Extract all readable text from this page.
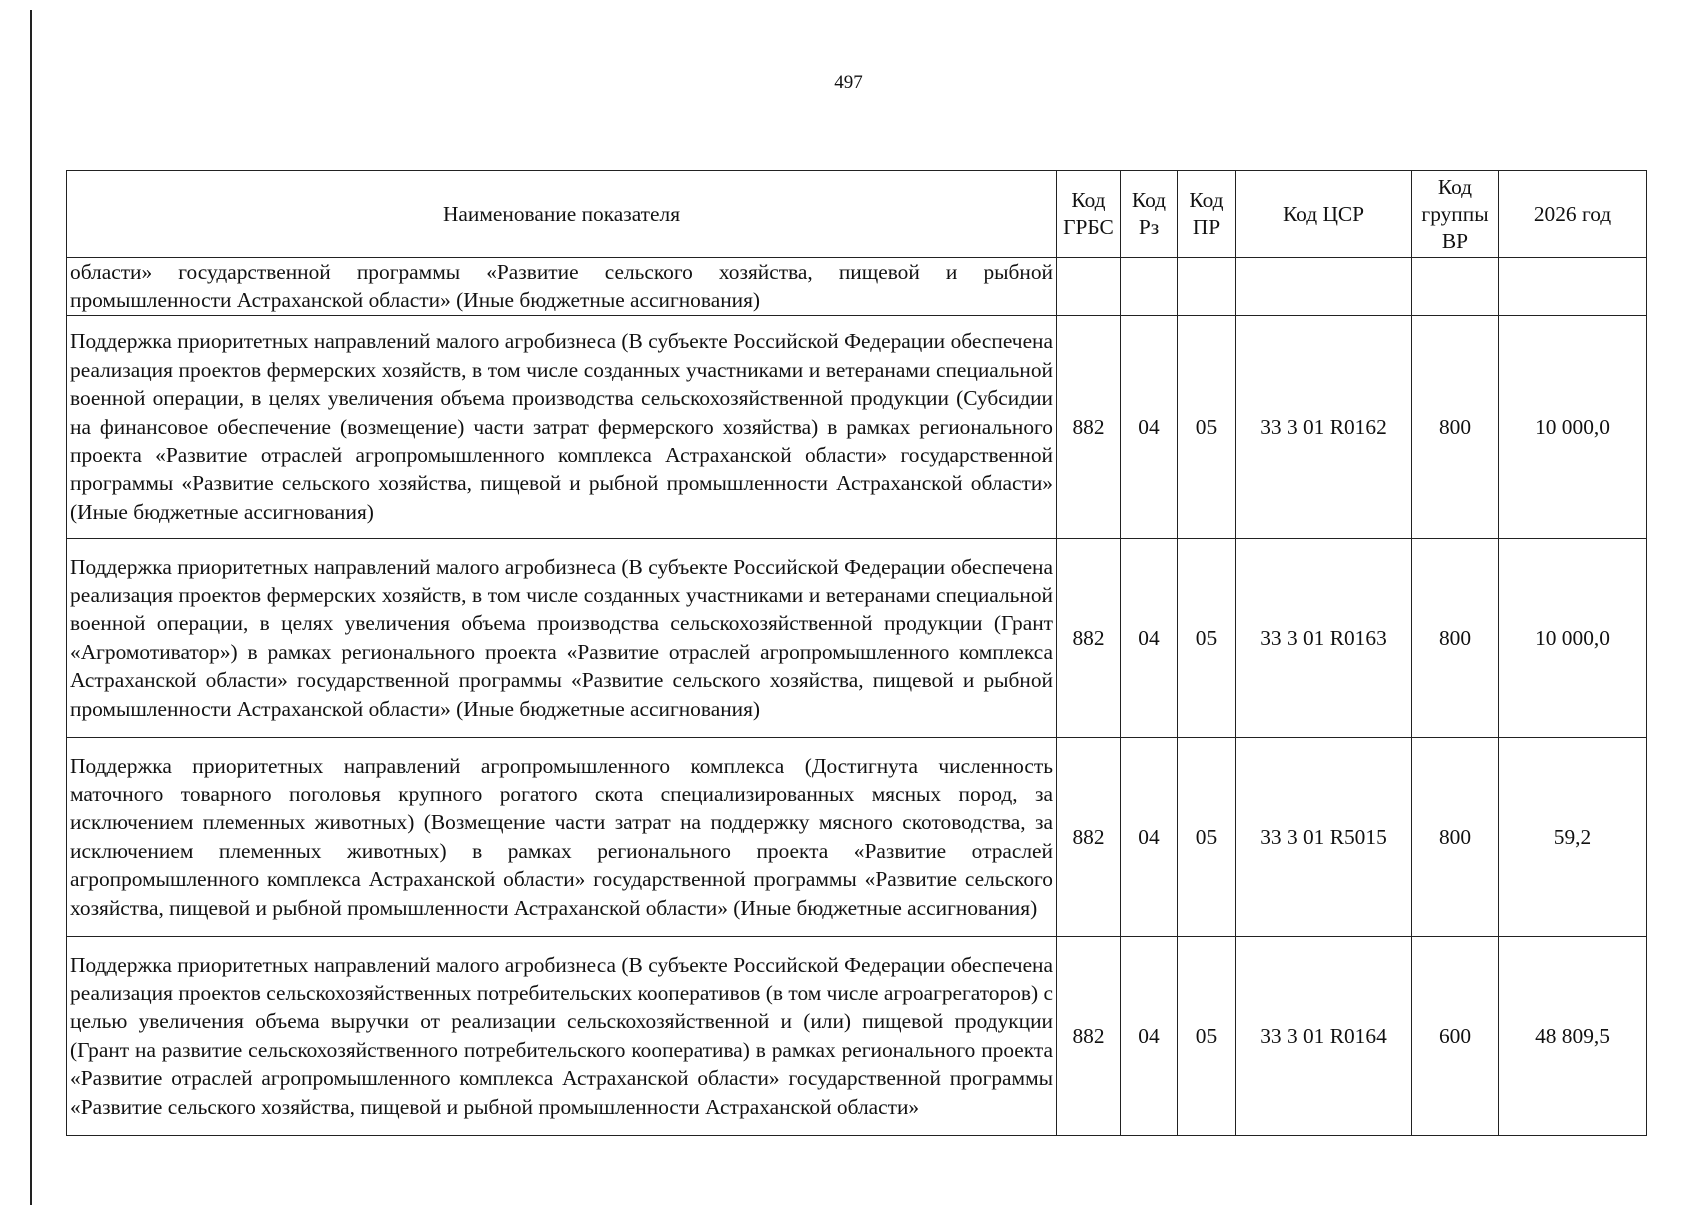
497
Наименование показателя	Код ГРБС	Код Рз	Код ПР	Код ЦСР	Код группы ВР	2026 год
области» государственной программы «Развитие сельского хозяйства, пищевой и рыбной промышленности Астраханской области» (Иные бюджетные ассигнования)						
Поддержка приоритетных направлений малого агробизнеса (В субъекте Российской Федерации обеспечена реализация проектов фермерских хозяйств, в том числе созданных участниками и ветеранами специальной военной операции, в целях увеличения объема производства сельскохозяйственной продукции (Субсидии на финансовое обеспечение (возмещение) части затрат фермерского хозяйства) в рамках регионального проекта «Развитие отраслей агропромышленного комплекса Астраханской области» государственной программы «Развитие сельского хозяйства, пищевой и рыбной промышленности Астраханской области» (Иные бюджетные ассигнования)	882	04	05	33 3 01 R0162	800	10 000,0
Поддержка приоритетных направлений малого агробизнеса (В субъекте Российской Федерации обеспечена реализация проектов фермерских хозяйств, в том числе созданных участниками и ветеранами специальной военной операции, в целях увеличения объема производства сельскохозяйственной продукции (Грант «Агромотиватор») в рамках регионального проекта «Развитие отраслей агропромышленного комплекса Астраханской области» государственной программы «Развитие сельского хозяйства, пищевой и рыбной промышленности Астраханской области» (Иные бюджетные ассигнования)	882	04	05	33 3 01 R0163	800	10 000,0
Поддержка приоритетных направлений агропромышленного комплекса (Достигнута численность маточного товарного поголовья крупного рогатого скота специализированных мясных пород, за исключением племенных животных) (Возмещение части затрат на поддержку мясного скотоводства, за исключением племенных животных) в рамках регионального проекта «Развитие отраслей агропромышленного комплекса Астраханской области» государственной программы «Развитие сельского хозяйства, пищевой и рыбной промышленности Астраханской области» (Иные бюджетные ассигнования)	882	04	05	33 3 01 R5015	800	59,2
Поддержка приоритетных направлений малого агробизнеса (В субъекте Российской Федерации обеспечена реализация проектов сельскохозяйственных потребительских кооперативов (в том числе агроагрегаторов) с целью увеличения объема выручки от реализации сельскохозяйственной и (или) пищевой продукции (Грант на развитие сельскохозяйственного потребительского кооператива) в рамках регионального проекта «Развитие отраслей агропромышленного комплекса Астраханской области» государственной программы «Развитие сельского хозяйства, пищевой и рыбной промышленности Астраханской области»	882	04	05	33 3 01 R0164	600	48 809,5
